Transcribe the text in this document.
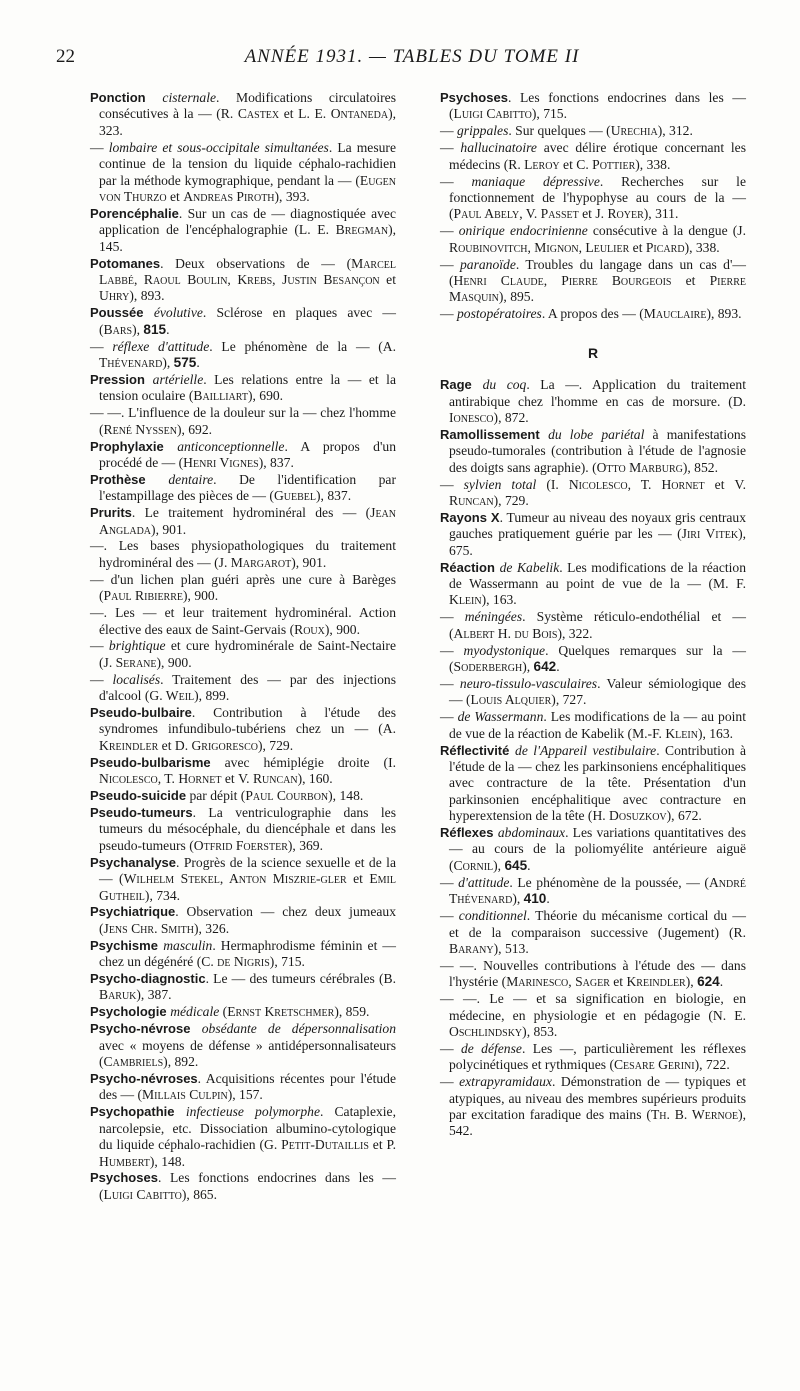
22	ANNÉE 1931. — TABLES DU TOME II
Ponction cisternale. Modifications circulatoires consécutives à la — (R. Castex et L. E. Ontaneda), 323.
— lombaire et sous-occipitale simultanées. La mesure continue de la tension du liquide céphalo-rachidien par la méthode kymographique, pendant la — (Eugen von Thurzo et Andreas Piroth), 393.
Porencéphalie. Sur un cas de — diagnostiquée avec application de l'encéphalographie (L. E. Bregman), 145.
Potomanes. Deux observations de — (Marcel Labbé, Raoul Boulin, Krebs, Justin Besançon et Uhry), 893.
Poussée évolutive. Sclérose en plaques avec — (Bars), 815.
— réflexe d'attitude. Le phénomène de la — (A. Thévenard), 575.
Pression artérielle. Les relations entre la — et la tension oculaire (Bailliart), 690.
— —. L'influence de la douleur sur la — chez l'homme (René Nyssen), 692.
Prophylaxie anticonceptionnelle. A propos d'un procédé de — (Henri Vignes), 837.
Prothèse dentaire. De l'identification par l'estampillage des pièces de — (Guebel), 837.
Prurits. Le traitement hydrominéral des — (Jean Anglada), 901.
—. Les bases physiopathologiques du traitement hydrominéral des — (J. Margarot), 901.
— d'un lichen plan guéri après une cure à Barèges (Paul Ribierre), 900.
—. Les — et leur traitement hydrominéral. Action élective des eaux de Saint-Gervais (Roux), 900.
— brightique et cure hydrominérale de Saint-Nectaire (J. Serane), 900.
— localisés. Traitement des — par des injections d'alcool (G. Weil), 899.
Pseudo-bulbaire. Contribution à l'étude des syndromes infundibulo-tubériens chez un — (A. Kreindler et D. Grigoresco), 729.
Pseudo-bulbarisme avec hémiplégie droite (I. Nicolesco, T. Hornet et V. Runcan), 160.
Pseudo-suicide par dépit (Paul Courbon), 148.
Pseudo-tumeurs. La ventriculographie dans les tumeurs du mésocéphale, du diencéphale et dans les pseudo-tumeurs (Otfrid Foerster), 369.
Psychanalyse. Progrès de la science sexuelle et de la — (Wilhelm Stekel, Anton Miszrie-gler et Emil Gutheil), 734.
Psychiatrique. Observation — chez deux jumeaux (Jens Chr. Smith), 326.
Psychisme masculin. Hermaphrodisme féminin et — chez un dégénéré (C. de Nigris), 715.
Psycho-diagnostic. Le — des tumeurs cérébrales (B. Baruk), 387.
Psychologie médicale (Ernst Kretschmer), 859.
Psycho-névrose obsédante de dépersonnalisation avec « moyens de défense » antidépersonnalisateurs (Cambriels), 892.
Psycho-névroses. Acquisitions récentes pour l'étude des — (Millais Culpin), 157.
Psychopathie infectieuse polymorphe. Cataplexie, narcolepsie, etc. Dissociation albumino-cytologique du liquide céphalo-rachidien (G. Petit-Dutaillis et P. Humbert), 148.
Psychoses. Les fonctions endocrines dans les — (Luigi Cabitto), 865.
Psychoses. Les fonctions endocrines dans les — (Luigi Cabitto), 715.
— grippales. Sur quelques — (Urechia), 312.
— hallucinatoire avec délire érotique concernant les médecins (R. Leroy et C. Pottier), 338.
— maniaque dépressive. Recherches sur le fonctionnement de l'hypophyse au cours de la — (Paul Abely, V. Passet et J. Royer), 311.
— onirique endocrinienne consécutive à la dengue (J. Roubinovitch, Mignon, Leulier et Picard), 338.
— paranoïde. Troubles du langage dans un cas d'— (Henri Claude, Pierre Bourgeois et Pierre Masquin), 895.
— postopératoires. A propos des — (Mauclaire), 893.
R
Rage du coq. La —. Application du traitement antirabique chez l'homme en cas de morsure. (D. Ionesco), 872.
Ramollissement du lobe pariétal à manifestations pseudo-tumorales (contribution à l'étude de l'agnosie des doigts sans agraphie). (Otto Marburg), 852.
— sylvien total (I. Nicolesco, T. Hornet et V. Runcan), 729.
Rayons X. Tumeur au niveau des noyaux gris centraux gauches pratiquement guérie par les — (Jiri Vitek), 675.
Réaction de Kabelik. Les modifications de la réaction de Wassermann au point de vue de la — (M. F. Klein), 163.
— méningées. Système réticulo-endothélial et — (Albert H. du Bois), 322.
— myodystonique. Quelques remarques sur la — (Soderbergh), 642.
— neuro-tissulo-vasculaires. Valeur sémiologique des — (Louis Alquier), 727.
— de Wassermann. Les modifications de la — au point de vue de la réaction de Kabelik (M.-F. Klein), 163.
Réflectivité de l'Appareil vestibulaire. Contribution à l'étude de la — chez les parkinsoniens encéphalitiques avec contracture de la tête. Présentation d'un parkinsonien encéphalitique avec contracture en hyperextension de la tête (H. Dosuzkov), 672.
Réflexes abdominaux. Les variations quantitatives des — au cours de la poliomyélite antérieure aiguë (Cornil), 645.
— d'attitude. Le phénomène de la poussée, — (André Thévenard), 410.
— conditionnel. Théorie du mécanisme cortical du — et de la comparaison successive (Jugement) (R. Barany), 513.
— —. Nouvelles contributions à l'étude des — dans l'hystérie (Marinesco, Sager et Kreindler), 624.
— —. Le — et sa signification en biologie, en médecine, en physiologie et en pédagogie (N. E. Oschlindsky), 853.
— de défense. Les —, particulièrement les réflexes polycinétiques et rythmiques (Cesare Gerini), 722.
— extrapyramidaux. Démonstration de — typiques et atypiques, au niveau des membres supérieurs produits par excitation faradique des mains (Th. B. Wernoe), 542.
